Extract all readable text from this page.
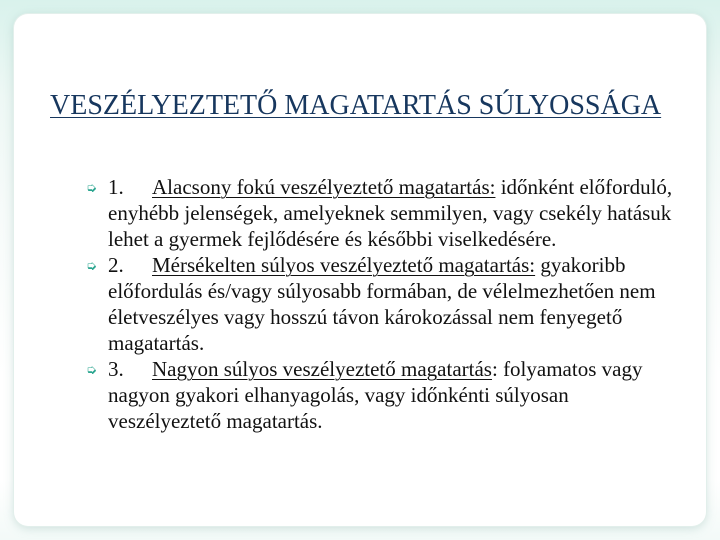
VESZÉLYEZTETŐ MAGATARTÁS SÚLYOSSÁGA
➭ 1. Alacsony fokú veszélyeztető magatartás: időnként előforduló, enyhébb jelenségek, amelyeknek semmilyen, vagy csekély hatásuk lehet a gyermek fejlődésére és későbbi viselkedésére.
➭ 2. Mérsékelten súlyos veszélyeztető magatartás: gyakoribb előfordulás és/vagy súlyosabb formában, de vélelmezhetően nem életveszélyes vagy hosszú távon károkozással nem fenyegető magatartás.
➭ 3. Nagyon súlyos veszélyeztető magatartás: folyamatos vagy nagyon gyakori elhanyagolás, vagy időnkénti súlyosan veszélyeztető magatartás.
